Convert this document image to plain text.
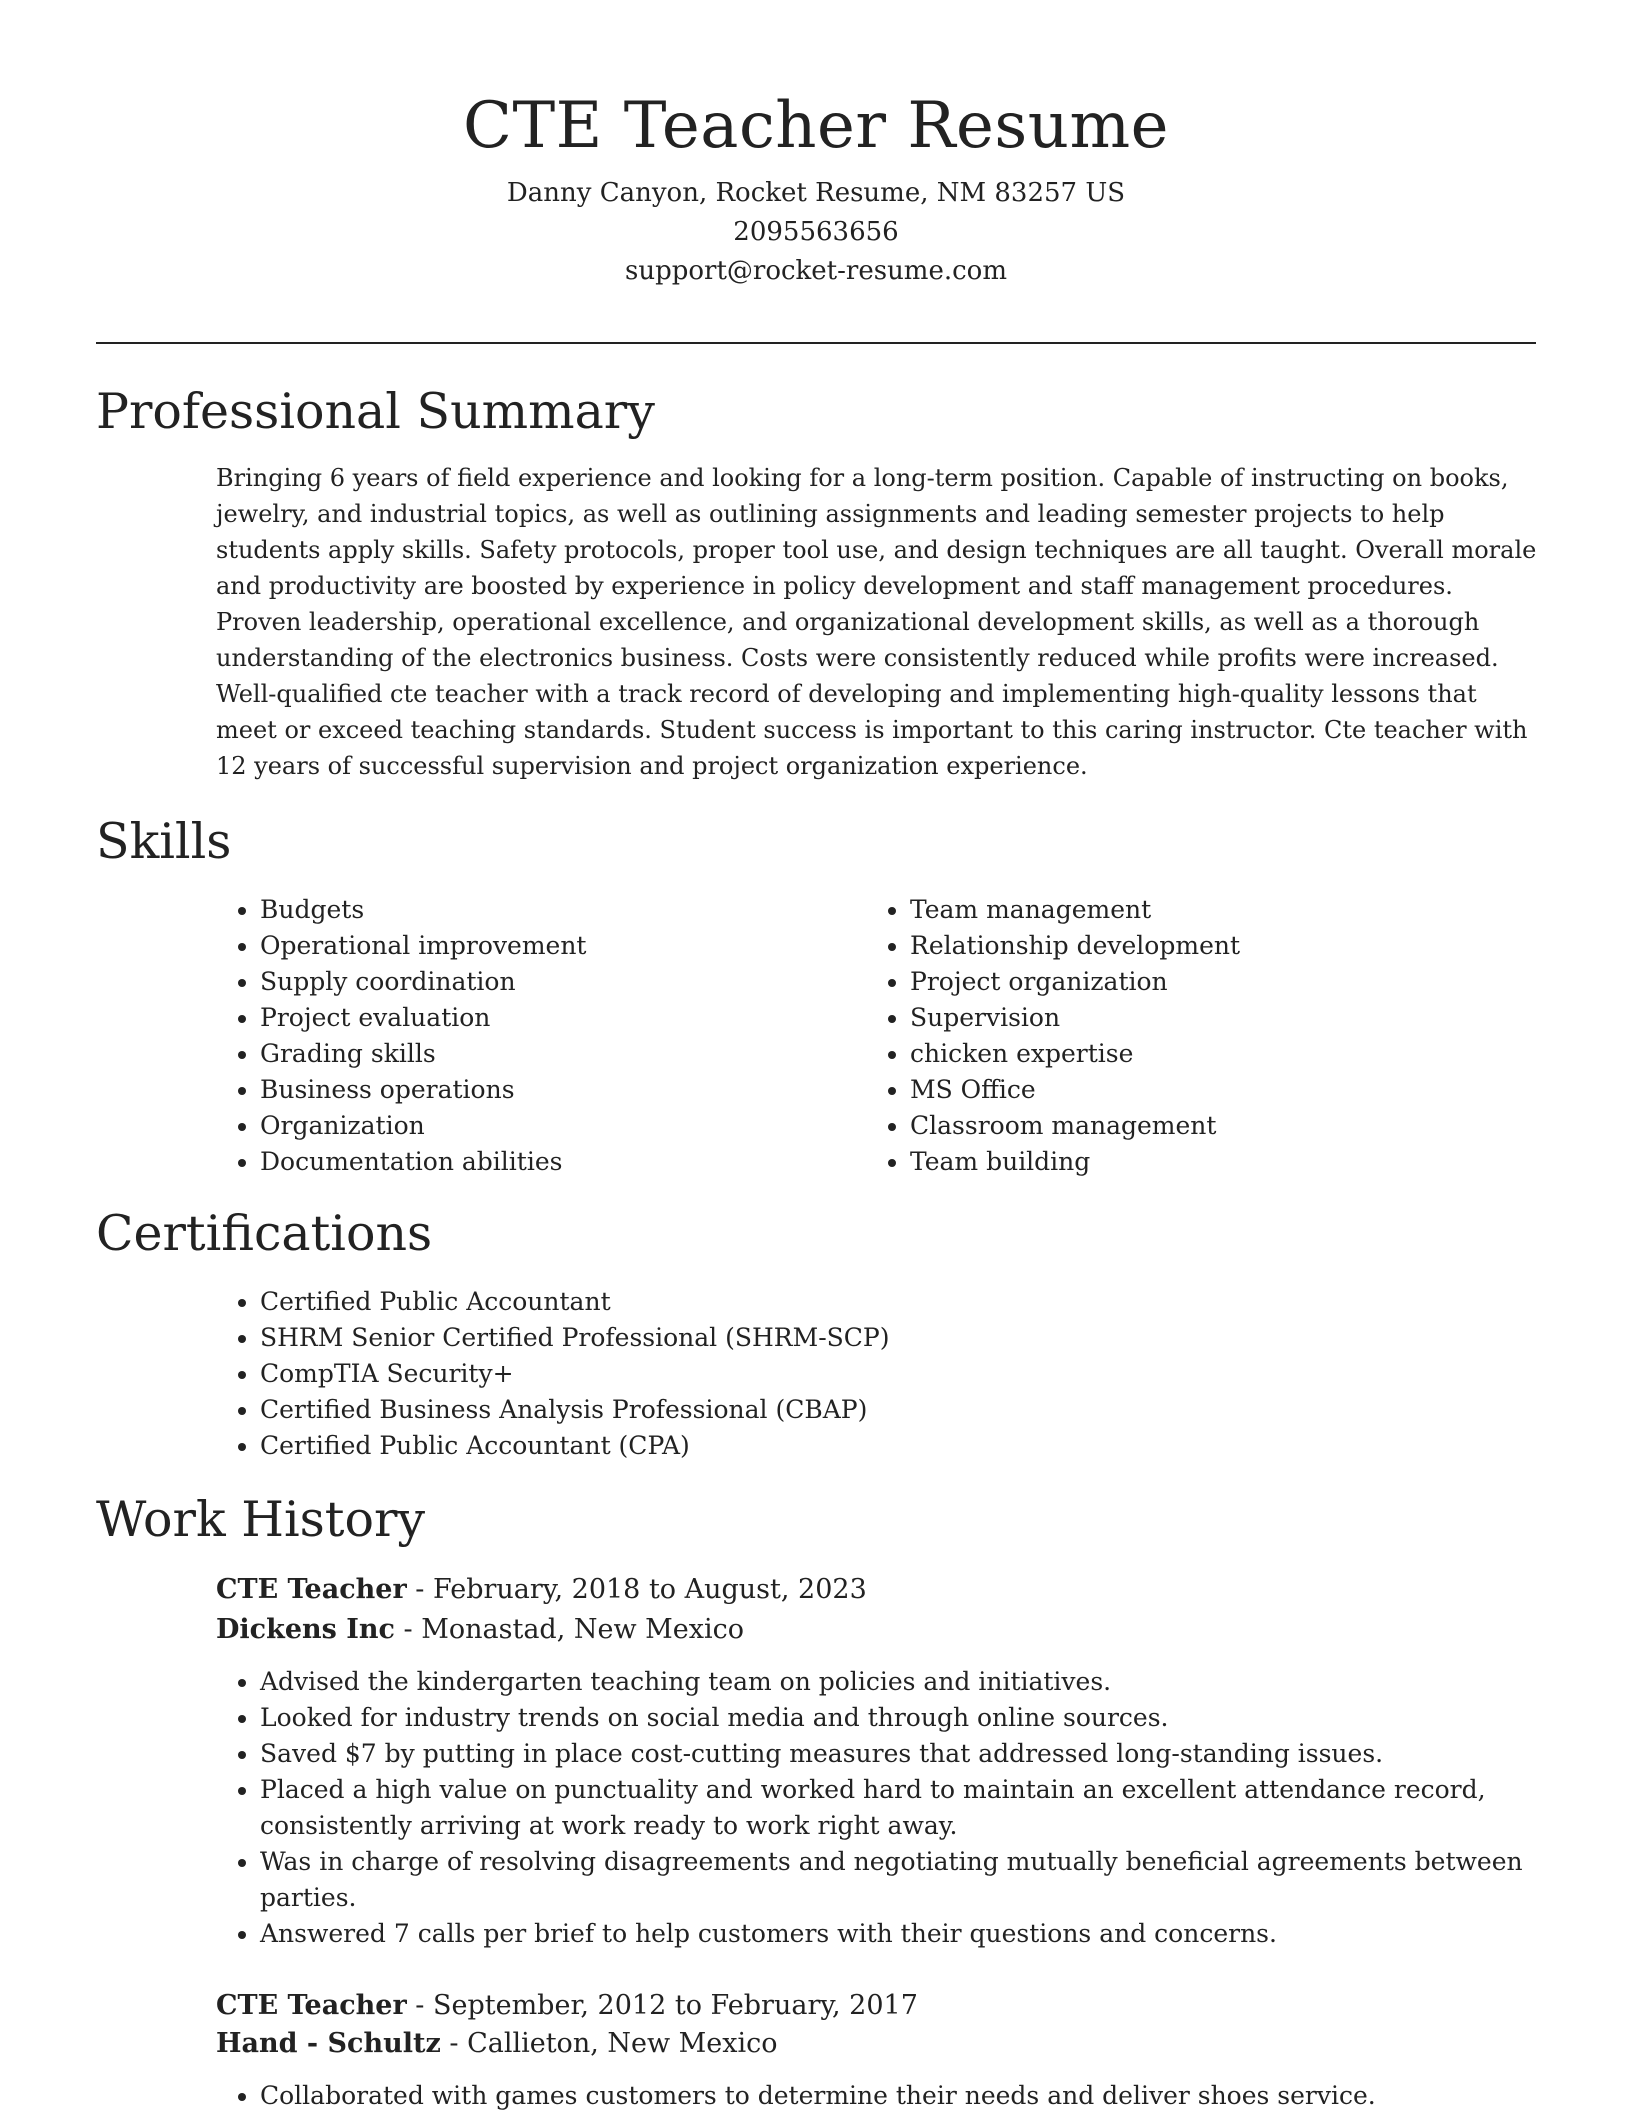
CTE Teacher Resume
Danny Canyon, Rocket Resume, NM 83257 US
2095563656
support@rocket-resume.com
Professional Summary

Bringing 6 years of field experience and looking for a long-term position. Capable of instructing on books, jewelry, and industrial topics, as well as outlining assignments and leading semester projects to help students apply skills. Safety protocols, proper tool use, and design techniques are all taught. Overall morale and productivity are boosted by experience in policy development and staff management procedures. Proven leadership, operational excellence, and organizational development skills, as well as a thorough understanding of the electronics business. Costs were consistently reduced while profits were increased. Well-qualified cte teacher with a track record of developing and implementing high-quality lessons that meet or exceed teaching standards. Student success is important to this caring instructor. Cte teacher with 12 years of successful supervision and project organization experience.

Skills
• Budgets
• Operational improvement
• Supply coordination
• Project evaluation
• Grading skills
• Business operations
• Organization
• Documentation abilities
• Team management
• Relationship development
• Project organization
• Supervision
• chicken expertise
• MS Office
• Classroom management
• Team building
Certifications
• Certified Public Accountant
• SHRM Senior Certified Professional (SHRM-SCP)
• CompTIA Security+
• Certified Business Analysis Professional (CBAP)
• Certified Public Accountant (CPA)
Work History
CTE Teacher - February, 2018 to August, 2023
Dickens Inc - Monastad, New Mexico
• Advised the kindergarten teaching team on policies and initiatives.
• Looked for industry trends on social media and through online sources.
• Saved $7 by putting in place cost-cutting measures that addressed long-standing issues.
• Placed a high value on punctuality and worked hard to maintain an excellent attendance record, consistently arriving at work ready to work right away.
• Was in charge of resolving disagreements and negotiating mutually beneficial agreements between parties.
• Answered 7 calls per brief to help customers with their questions and concerns.
CTE Teacher - September, 2012 to February, 2017
Hand - Schultz - Callieton, New Mexico
• Collaborated with games customers to determine their needs and deliver shoes service.
